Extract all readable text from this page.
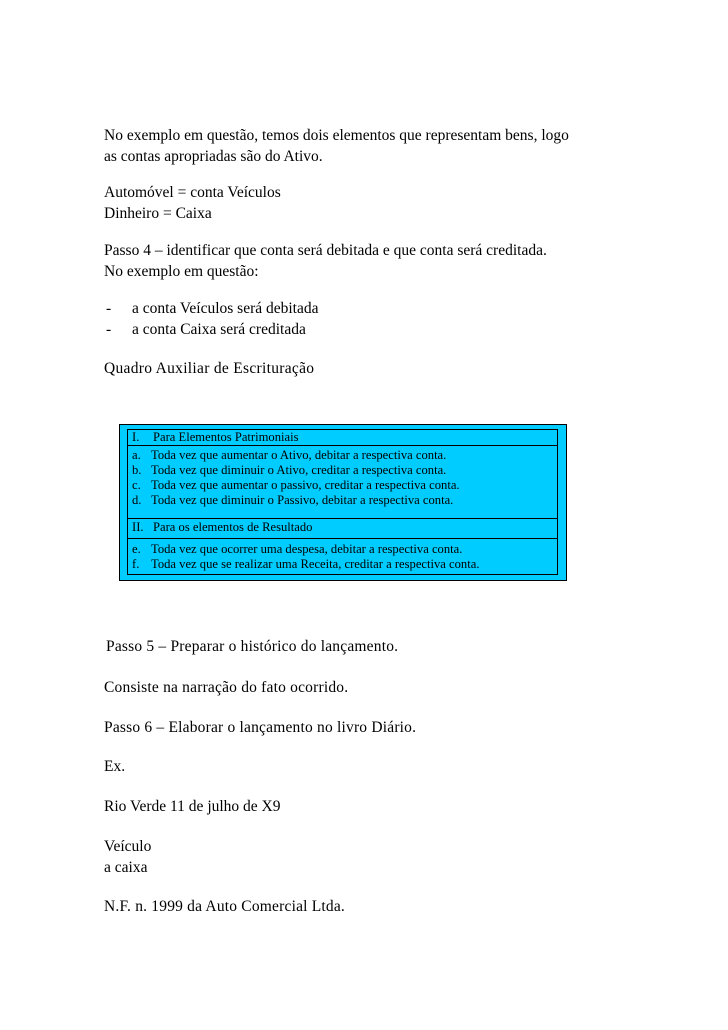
No exemplo em questão, temos dois elementos que representam bens, logo
as contas apropriadas são do Ativo.
Automóvel = conta Veículos
Dinheiro = Caixa
Passo 4 – identificar que conta será debitada e que conta será creditada.
No exemplo em questão:
- a conta Veículos será debitada
- a conta Caixa será creditada
Quadro Auxiliar de Escrituração
I. Para Elementos Patrimoniais
a. Toda vez que aumentar o Ativo, debitar a respectiva conta.
b. Toda vez que diminuir o Ativo, creditar a respectiva conta.
c. Toda vez que aumentar o passivo, creditar a respectiva conta.
d. Toda vez que diminuir o Passivo, debitar a respectiva conta.
II. Para os elementos de Resultado
e. Toda vez que ocorrer uma despesa, debitar a respectiva conta.
f. Toda vez que se realizar uma Receita, creditar a respectiva conta.
Passo 5 – Preparar o histórico do lançamento.
Consiste na narração do fato ocorrido.
Passo 6 – Elaborar o lançamento no livro Diário.
Ex.
Rio Verde 11 de julho de X9
Veículo
a caixa
N.F. n. 1999 da Auto Comercial Ltda.
